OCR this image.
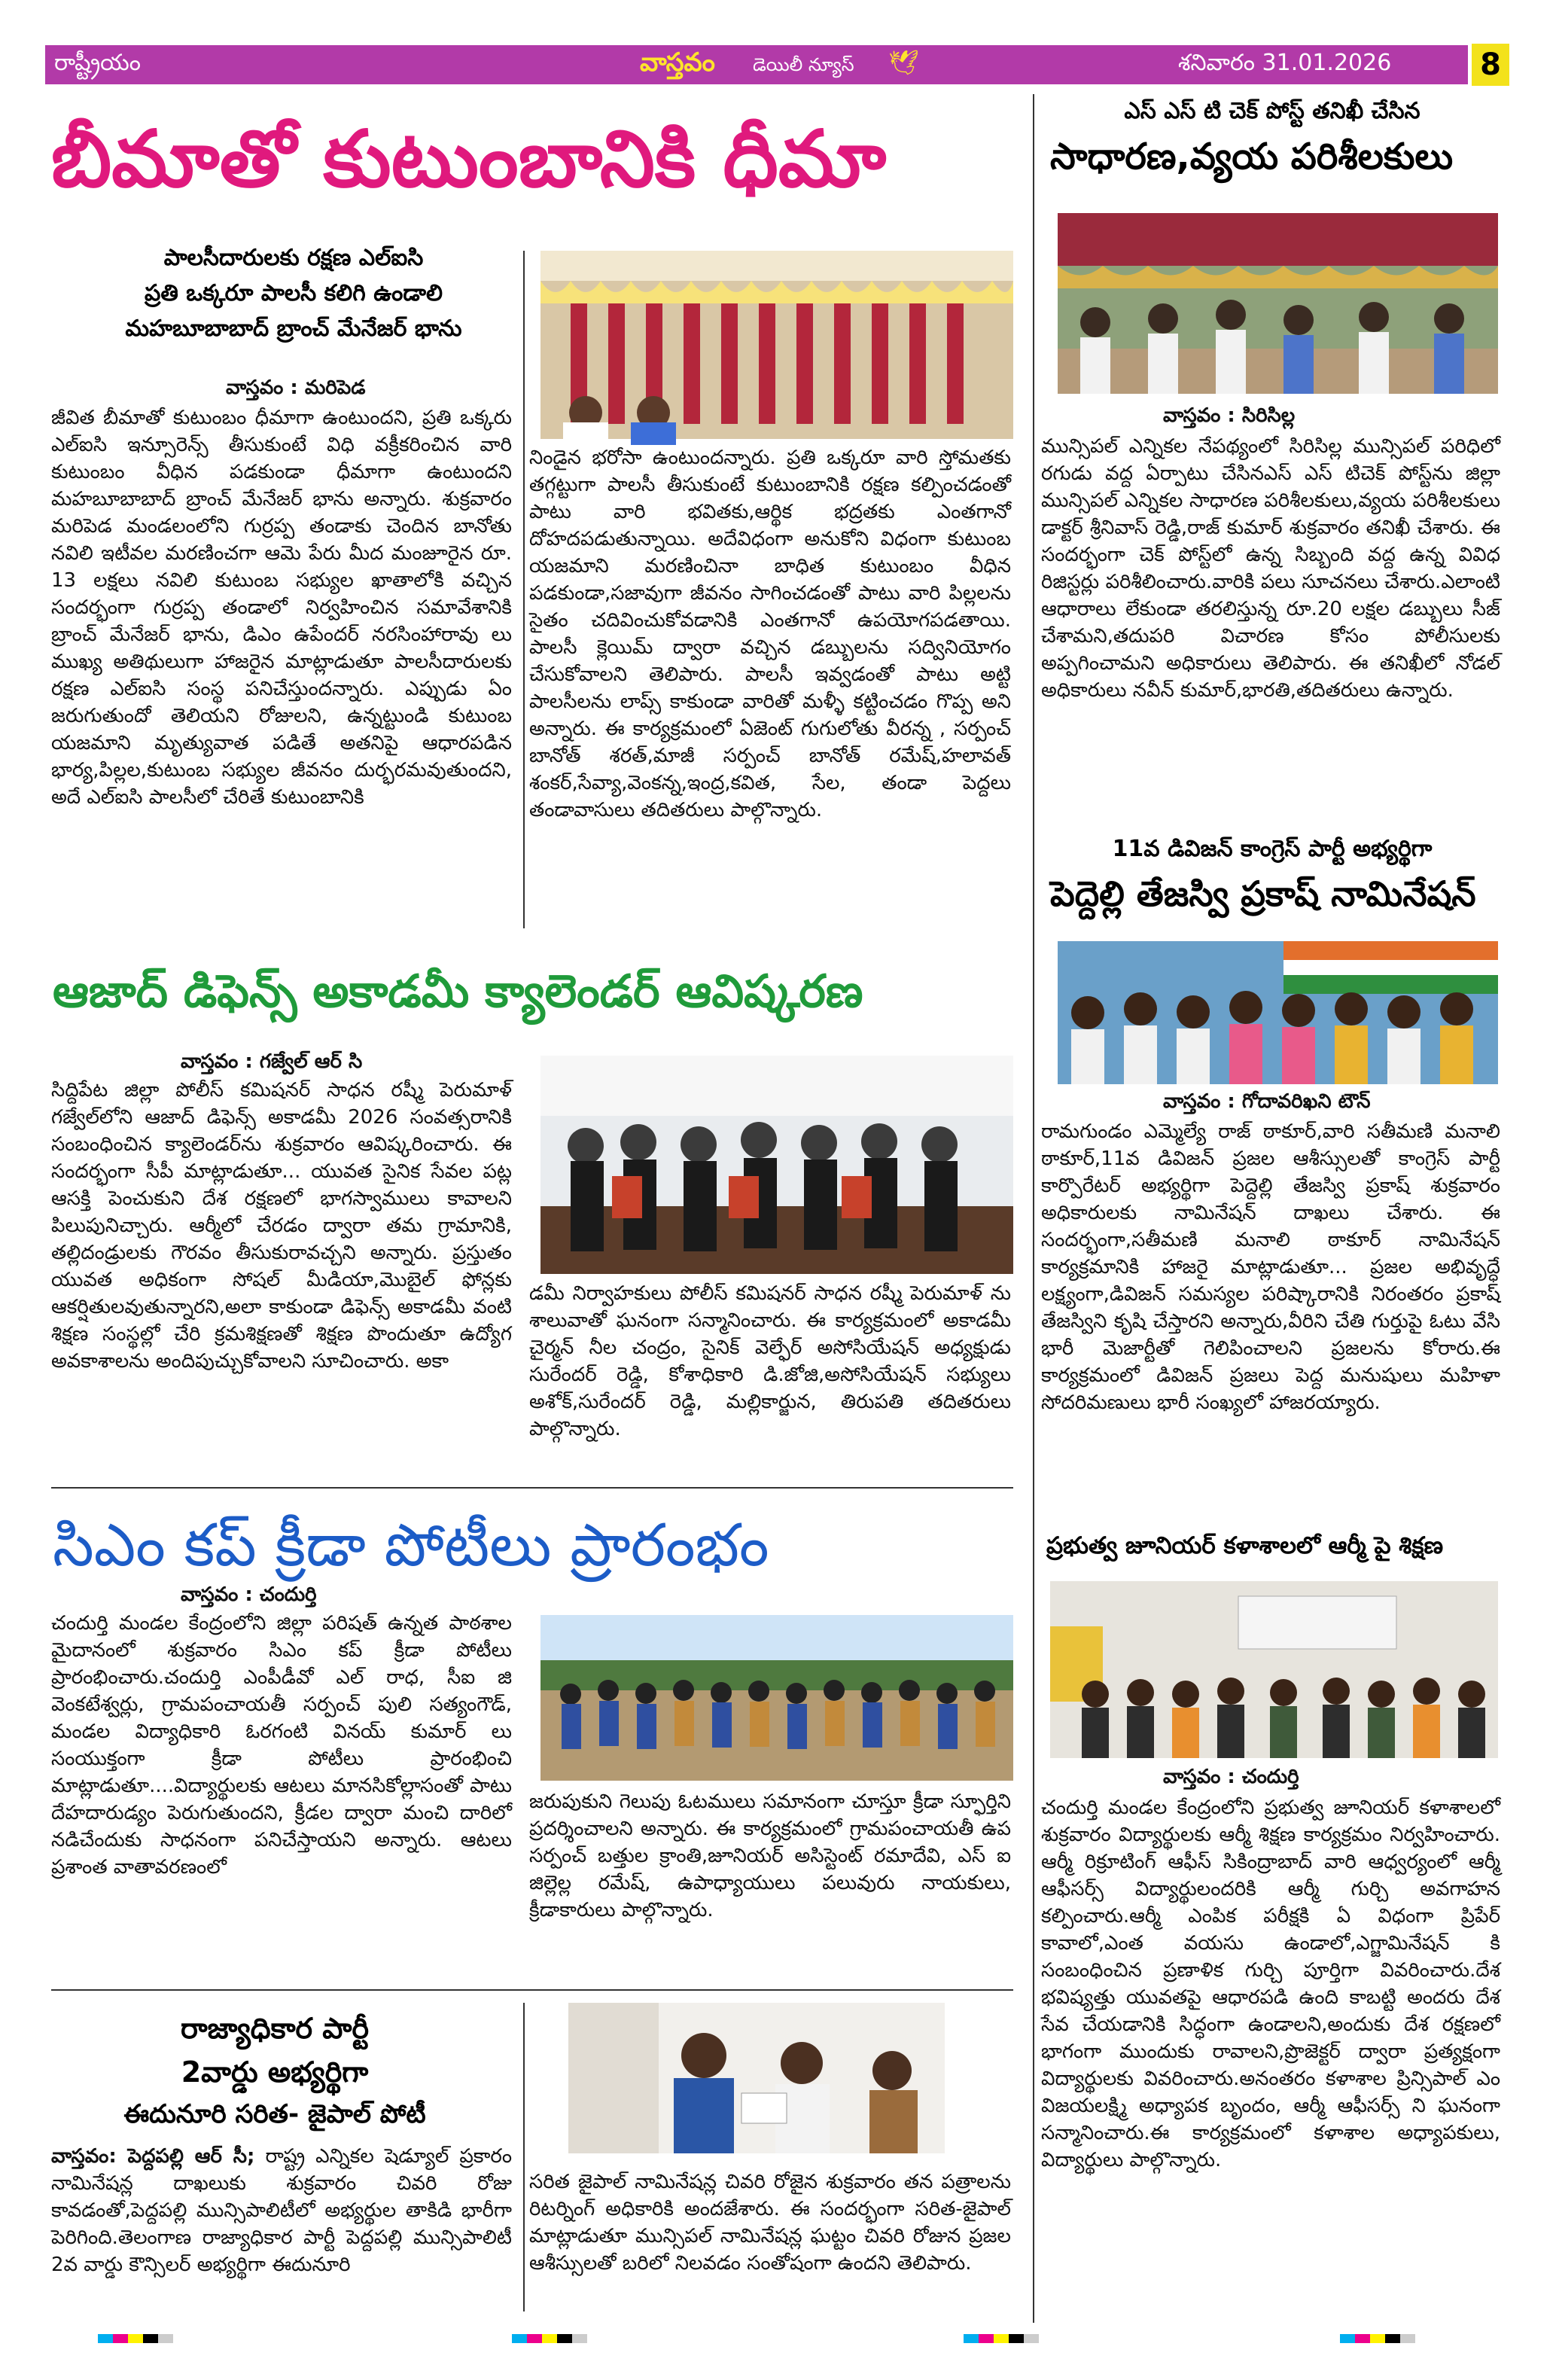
రాష్ట్రీయం	వాస్తవం డెయిలీ న్యూస్ 🕊	శనివారం 31.01.2026	8
బీమాతో కుటుంబానికి ధీమా
పాలసీదారులకు రక్షణ ఎల్ఐసి
ప్రతి ఒక్కరూ పాలసీ కలిగి ఉండాలి
మహబూబాబాద్ బ్రాంచ్ మేనేజర్ భాను
వాస్తవం : మరిపెడ
జీవిత బీమాతో కుటుంబం ధీమాగా ఉంటుందని, ప్రతి ఒక్కరు ఎల్ఐసి ఇన్సూరెన్స్ తీసుకుంటే విధి వక్రీకరించిన వారి కుటుంబం వీధిన పడకుండా ధీమాగా ఉంటుందని మహబూబాబాద్ బ్రాంచ్ మేనేజర్ భాను అన్నారు. శుక్రవారం మరిపెడ మండలంలోని గుర్రప్ప తండాకు చెందిన బానోతు నవిలి ఇటీవల మరణించగా ఆమె పేరు మీద మంజూరైన రూ. 13 లక్షలు నవిలి కుటుంబ సభ్యుల ఖాతాలోకి వచ్చిన సందర్భంగా గుర్రప్ప తండాలో నిర్వహించిన సమావేశానికి బ్రాంచ్ మేనేజర్ భాను, డిఎం ఉపేందర్ నరసింహారావు లు ముఖ్య అతిథులుగా హాజరైన మాట్లాడుతూ పాలసీదారులకు రక్షణ ఎల్ఐసి సంస్థ పనిచేస్తుందన్నారు. ఎప్పుడు ఏం జరుగుతుందో తెలియని రోజులని, ఉన్నట్టుండి కుటుంబ యజమాని మృత్యువాత పడితే అతనిపై ఆధారపడిన భార్య,పిల్లల,కుటుంబ సభ్యుల జీవనం దుర్భరమవుతుందని, అదే ఎల్ఐసి పాలసీలో చేరితే కుటుంబానికి
నిండైన భరోసా ఉంటుందన్నారు. ప్రతి ఒక్కరూ వారి స్తోమతకు తగ్గట్టుగా పాలసీ తీసుకుంటే కుటుంబానికి రక్షణ కల్పించడంతో పాటు వారి భవితకు,ఆర్థిక భద్రతకు ఎంతగానో దోహదపడుతున్నాయి. అదేవిధంగా అనుకోని విధంగా కుటుంబ యజమాని మరణించినా బాధిత కుటుంబం వీధిన పడకుండా,సజావుగా జీవనం సాగించడంతో పాటు వారి పిల్లలను సైతం చదివించుకోవడానికి ఎంతగానో ఉపయోగపడతాయి. పాలసీ క్లెయిమ్ ద్వారా వచ్చిన డబ్బులను సద్వినియోగం చేసుకోవాలని తెలిపారు. పాలసీ ఇవ్వడంతో పాటు అట్టి పాలసీలను లాప్స్ కాకుండా వారితో మళ్ళీ కట్టించడం గొప్ప అని అన్నారు. ఈ కార్యక్రమంలో ఏజెంట్ గుగులోతు వీరన్న , సర్పంచ్ బానోత్ శరత్,మాజీ సర్పంచ్ బానోత్ రమేష్,హలావత్ శంకర్,సేవ్యా,వెంకన్న,ఇంద్ర,కవిత, సేల, తండా పెద్దలు తండావాసులు తదితరులు పాల్గొన్నారు.
ఆజాద్ డిఫెన్స్ అకాడమీ క్యాలెండర్ ఆవిష్కరణ
వాస్తవం : గజ్వేల్ ఆర్ సి
సిద్దిపేట జిల్లా పోలీస్ కమిషనర్ సాధన రష్మీ పెరుమాళ్ గజ్వేల్‌లోని ఆజాద్ డిఫెన్స్ అకాడమీ 2026 సంవత్సరానికి సంబంధించిన క్యాలెండర్‌ను శుక్రవారం ఆవిష్కరించారు. ఈ సందర్భంగా సీపీ మాట్లాడుతూ... యువత సైనిక సేవల పట్ల ఆసక్తి పెంచుకుని దేశ రక్షణలో భాగస్వాములు కావాలని పిలుపునిచ్చారు. ఆర్మీలో చేరడం ద్వారా తమ గ్రామానికి, తల్లిదండ్రులకు గౌరవం తీసుకురావచ్చని అన్నారు. ప్రస్తుతం యువత అధికంగా సోషల్ మీడియా,మొబైల్ ఫోన్లకు ఆకర్షితులవుతున్నారని,అలా కాకుండా డిఫెన్స్ అకాడమీ వంటి శిక్షణ సంస్థల్లో చేరి క్రమశిక్షణతో శిక్షణ పొందుతూ ఉద్యోగ అవకాశాలను అందిపుచ్చుకోవాలని సూచించారు. అకా
డమీ నిర్వాహకులు పోలీస్ కమిషనర్ సాధన రష్మీ పెరుమాళ్ ను శాలువాతో ఘనంగా సన్మానించారు. ఈ కార్యక్రమంలో అకాడమీ చైర్మన్ నీల చంద్రం, సైనిక్ వెల్ఫేర్ అసోసియేషన్ అధ్యక్షుడు సురేందర్ రెడ్డి, కోశాధికారి డి.జోజి,అసోసియేషన్ సభ్యులు అశోక్,సురేందర్ రెడ్డి, మల్లికార్జున, తిరుపతి తదితరులు పాల్గొన్నారు.
సిఎం కప్ క్రీడా పోటీలు ప్రారంభం
వాస్తవం : చందుర్తి
చందుర్తి మండల కేంద్రంలోని జిల్లా పరిషత్ ఉన్నత పాఠశాల మైదానంలో శుక్రవారం సిఎం కప్ క్రీడా పోటీలు ప్రారంభించారు.చందుర్తి ఎంపీడీవో ఎల్ రాధ, సీఐ జి వెంకటేశ్వర్లు, గ్రామపంచాయతీ సర్పంచ్ పులి సత్యంగౌడ్, మండల విద్యాధికారి ఓరగంటి వినయ్ కుమార్ లు సంయుక్తంగా క్రీడా పోటీలు ప్రారంభించి మాట్లాడుతూ....విద్యార్థులకు ఆటలు మానసికోల్లాసంతో పాటు దేహదారుడ్యం పెరుగుతుందని, క్రీడల ద్వారా మంచి దారిలో నడిచేందుకు సాధనంగా పనిచేస్తాయని అన్నారు. ఆటలు ప్రశాంత వాతావరణంలో
జరుపుకుని గెలుపు ఓటములు సమానంగా చూస్తూ క్రీడా స్ఫూర్తిని ప్రదర్శించాలని అన్నారు. ఈ కార్యక్రమంలో గ్రామపంచాయతీ ఉప సర్పంచ్ బత్తుల క్రాంతి,జూనియర్ అసిస్టెంట్ రమాదేవి, ఎస్ ఐ జిల్లెల్ల రమేష్, ఉపాధ్యాయులు పలువురు నాయకులు, క్రీడాకారులు పాల్గొన్నారు.
రాజ్యాధికార పార్టీ
2వార్డు అభ్యర్థిగా
ఈదునూరి సరిత- జైపాల్ పోటీ
వాస్తవం: పెద్దపల్లి ఆర్ సీ; రాష్ట్ర ఎన్నికల షెడ్యూల్ ప్రకారం నామినేషన్ల దాఖలుకు శుక్రవారం చివరి రోజు కావడంతో,పెద్దపల్లి మున్సిపాలిటీలో అభ్యర్థుల తాకిడి భారీగా పెరిగింది.తెలంగాణ రాజ్యాధికార పార్టీ పెద్దపల్లి మున్సిపాలిటీ 2వ వార్డు కౌన్సిలర్ అభ్యర్థిగా ఈదునూరి
సరిత జైపాల్ నామినేషన్ల చివరి రోజైన శుక్రవారం తన పత్రాలను రిటర్నింగ్ అధికారికి అందజేశారు. ఈ సందర్భంగా సరిత-జైపాల్ మాట్లాడుతూ మున్సిపల్ నామినేషన్ల ఘట్టం చివరి రోజున ప్రజల ఆశీస్సులతో బరిలో నిలవడం సంతోషంగా ఉందని తెలిపారు.
ఎస్ ఎస్ టి చెక్ పోస్ట్ తనిఖీ చేసిన
సాధారణ,వ్యయ పరిశీలకులు
వాస్తవం : సిరిసిల్ల
మున్సిపల్ ఎన్నికల నేపథ్యంలో సిరిసిల్ల మున్సిపల్ పరిధిలో రగుడు వద్ద ఏర్పాటు చేసినఎస్ ఎస్ టిచెక్ పోస్ట్‌ను జిల్లా మున్సిపల్ ఎన్నికల సాధారణ పరిశీలకులు,వ్యయ పరిశీలకులు డాక్టర్ శ్రీనివాస్ రెడ్డి,రాజ్ కుమార్ శుక్రవారం తనిఖీ చేశారు. ఈ సందర్భంగా చెక్ పోస్ట్‌లో ఉన్న సిబ్బంది వద్ద ఉన్న వివిధ రిజిస్టర్లు పరిశీలించారు.వారికి పలు సూచనలు చేశారు.ఎలాంటి ఆధారాలు లేకుండా తరలిస్తున్న రూ.20 లక్షల డబ్బులు సీజ్ చేశామని,తదుపరి విచారణ కోసం పోలీసులకు అప్పగించామని అధికారులు తెలిపారు. ఈ తనిఖీలో నోడల్ అధికారులు నవీన్ కుమార్,భారతి,తదితరులు ఉన్నారు.
11వ డివిజన్ కాంగ్రెస్ పార్టీ అభ్యర్థిగా
పెద్దెల్లి తేజస్వి ప్రకాష్ నామినేషన్
వాస్తవం : గోదావరిఖని టౌన్
రామగుండం ఎమ్మెల్యే రాజ్ ఠాకూర్,వారి సతీమణి మనాలి ఠాకూర్,11వ డివిజన్ ప్రజల ఆశీస్సులతో కాంగ్రెస్ పార్టీ కార్పొరేటర్ అభ్యర్థిగా పెద్దెల్లి తేజస్వి ప్రకాష్ శుక్రవారం అధికారులకు నామినేషన్ దాఖలు చేశారు. ఈ సందర్భంగా,సతీమణి మనాలి ఠాకూర్ నామినేషన్ కార్యక్రమానికి హాజరై మాట్లాడుతూ... ప్రజల అభివృద్ధే లక్ష్యంగా,డివిజన్ సమస్యల పరిష్కారానికి నిరంతరం ప్రకాష్ తేజస్విని కృషి చేస్తారని అన్నారు,వీరిని చేతి గుర్తుపై ఓటు వేసి భారీ మెజార్టీతో గెలిపించాలని ప్రజలను కోరారు.ఈ కార్యక్రమంలో డివిజన్ ప్రజలు పెద్ద మనుషులు మహిళా సోదరిమణులు భారీ సంఖ్యలో హాజరయ్యారు.
ప్రభుత్వ జూనియర్ కళాశాలలో ఆర్మీ పై శిక్షణ
వాస్తవం : చందుర్తి
చందుర్తి మండల కేంద్రంలోని ప్రభుత్వ జూనియర్ కళాశాలలో శుక్రవారం విద్యార్థులకు ఆర్మీ శిక్షణ కార్యక్రమం నిర్వహించారు. ఆర్మీ రిక్రూటింగ్ ఆఫీస్ సికింద్రాబాద్ వారి ఆధ్వర్యంలో ఆర్మీ ఆఫీసర్స్ విద్యార్థులందరికి ఆర్మీ గుర్చి అవగాహన కల్పించారు.ఆర్మీ ఎంపిక పరీక్షకి ఏ విధంగా ప్రిపేర్ కావాలో,ఎంత వయసు ఉండాలో,ఎగ్జామినేషన్ కి సంబంధించిన ప్రణాళిక గుర్చి పూర్తిగా వివరించారు.దేశ భవిష్యత్తు యువతపై ఆధారపడి ఉంది కాబట్టి అందరు దేశ సేవ చేయడానికి సిద్ధంగా ఉండాలని,అందుకు దేశ రక్షణలో భాగంగా ముందుకు రావాలని,ప్రొజెక్టర్ ద్వారా ప్రత్యక్షంగా విద్యార్థులకు వివరించారు.అనంతరం కళాశాల ప్రిన్సిపాల్ ఎం విజయలక్ష్మి అధ్యాపక బృందం, ఆర్మీ ఆఫీసర్స్ ని ఘనంగా సన్మానించారు.ఈ కార్యక్రమంలో కళాశాల అధ్యాపకులు, విద్యార్థులు పాల్గొన్నారు.
